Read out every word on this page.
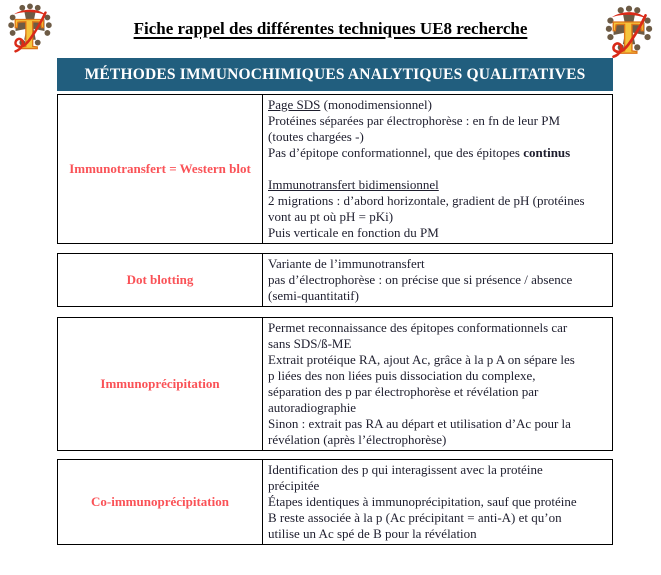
T	T
Fiche rappel des différentes techniques UE8 recherche
MÉTHODES IMMUNOCHIMIQUES ANALYTIQUES QUALITATIVES
Immunotransfert = Western blot
Page SDS (monodimensionnel)
Protéines séparées par électrophorèse : en fn de leur PM
(toutes chargées -)
Pas d’épitope conformationnel, que des épitopes continus

Immunotransfert bidimensionnel
2 migrations : d’abord horizontale, gradient de pH (protéines
vont au pt où pH = pKi)
Puis verticale en fonction du PM
Dot blotting
Variante de l’immunotransfert
pas d’électrophorèse : on précise que si présence / absence
(semi-quantitatif)
Immunoprécipitation
Permet reconnaissance des épitopes conformationnels car
sans SDS/ß-ME
Extrait protéique RA, ajout Ac, grâce à la p A on sépare les
p liées des non liées puis dissociation du complexe,
séparation des p par électrophorèse et révélation par
autoradiographie
Sinon : extrait pas RA au départ et utilisation d’Ac pour la
révélation (après l’électrophorèse)
Co-immunoprécipitation
Identification des p qui interagissent avec la protéine
précipitée
Étapes identiques à immunoprécipitation, sauf que protéine
B reste associée à la p (Ac précipitant = anti-A) et qu’on
utilise un Ac spé de B pour la révélation
